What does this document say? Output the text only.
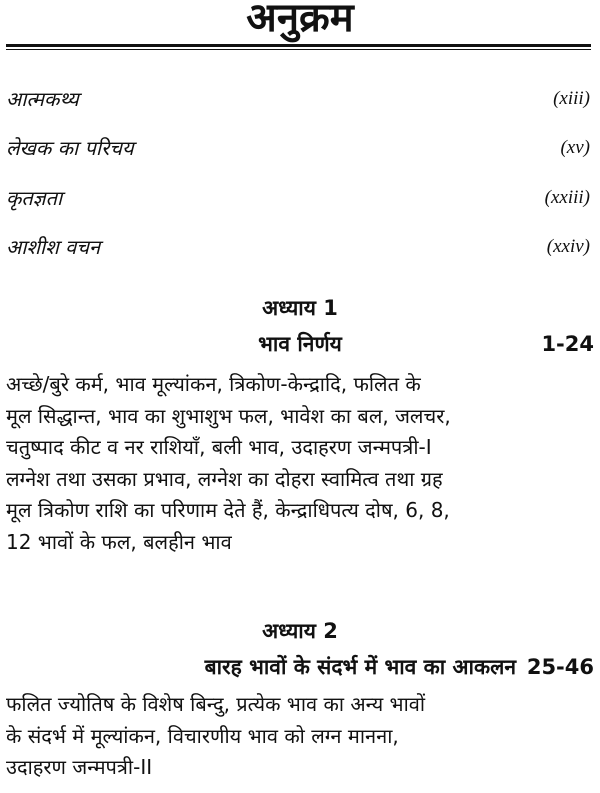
अनुक्रम
आत्मकथ्य	(xiii)
लेखक का परिचय	(xv)
कृतज्ञता	(xxiii)
आशीश वचन	(xxiv)
अध्याय 1
भाव निर्णय	1-24
अच्छे/बुरे कर्म, भाव मूल्यांकन, त्रिकोण-केन्द्रादि, फलित के
मूल सिद्धान्त, भाव का शुभाशुभ फल, भावेश का बल, जलचर,
चतुष्पाद कीट व नर राशियाँ, बली भाव, उदाहरण जन्मपत्री-I
लग्नेश तथा उसका प्रभाव, लग्नेश का दोहरा स्वामित्व तथा ग्रह
मूल त्रिकोण राशि का परिणाम देते हैं, केन्द्राधिपत्य दोष, 6, 8,
12 भावों के फल, बलहीन भाव
अध्याय 2
बारह भावों के संदर्भ में भाव का आकलन 25-46
फलित ज्योतिष के विशेष बिन्दु, प्रत्येक भाव का अन्य भावों
के संदर्भ में मूल्यांकन, विचारणीय भाव को लग्न मानना,
उदाहरण जन्मपत्री-II
